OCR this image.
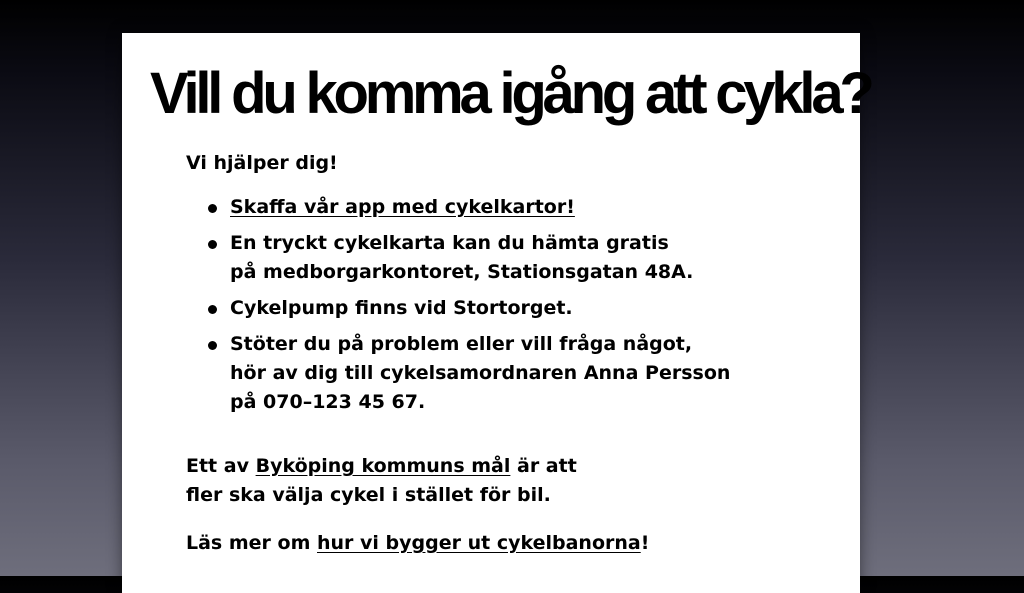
Vill du komma igång att cykla?

Vi hjälper dig!

Skaffa vår app med cykelkartor!
En tryckt cykelkarta kan du hämta gratis
på medborgarkontoret, Stationsgatan 48A.
Cykelpump finns vid Stortorget.
Stöter du på problem eller vill fråga något,
hör av dig till cykelsamordnaren Anna Persson
på 070–123 45 67.

Ett av Byköping kommuns mål är att
fler ska välja cykel i stället för bil.

Läs mer om hur vi bygger ut cykelbanorna!
